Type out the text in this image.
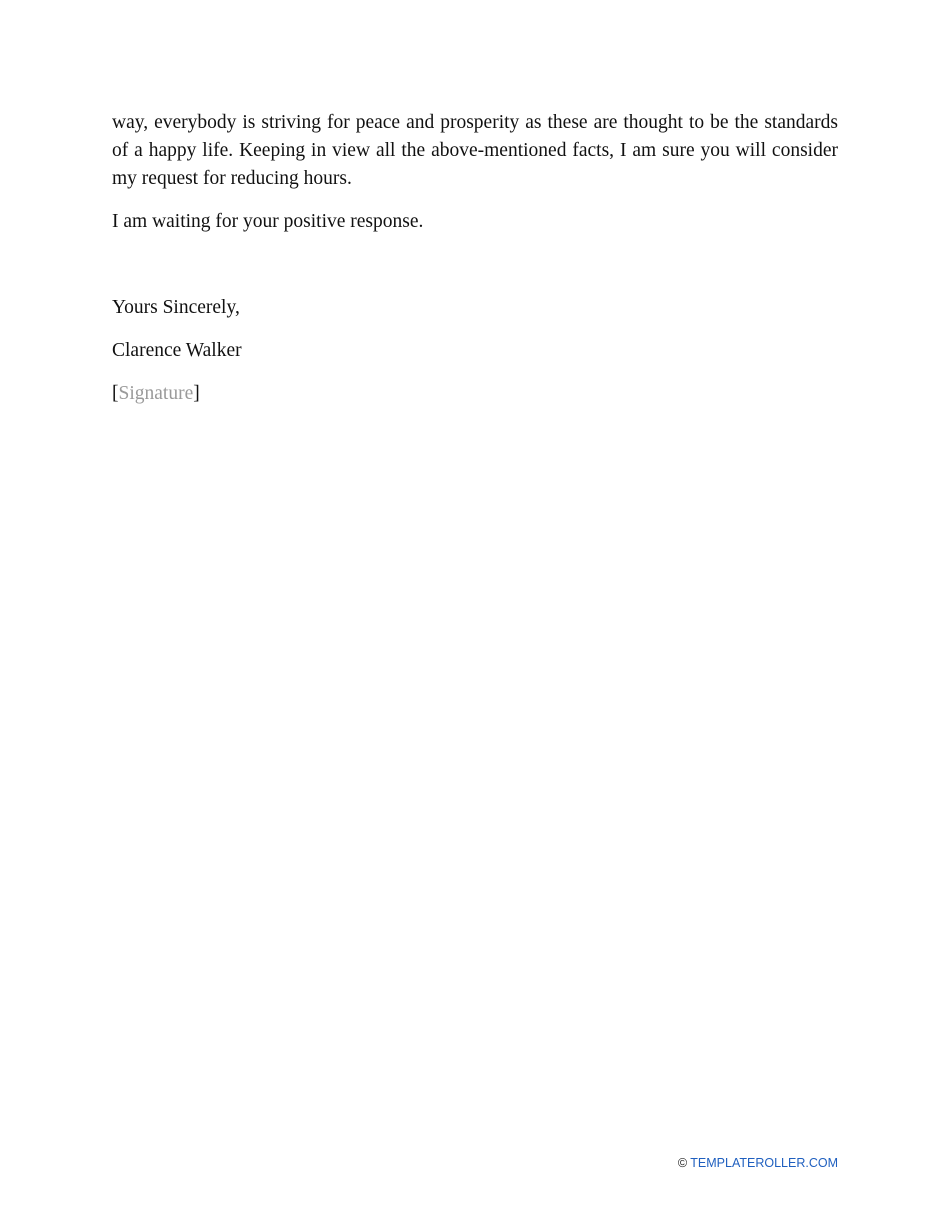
way, everybody is striving for peace and prosperity as these are thought to be the standards of a happy life. Keeping in view all the above-mentioned facts, I am sure you will consider my request for reducing hours.

I am waiting for your positive response.

Yours Sincerely,

Clarence Walker

[Signature]

© TEMPLATEROLLER.COM
